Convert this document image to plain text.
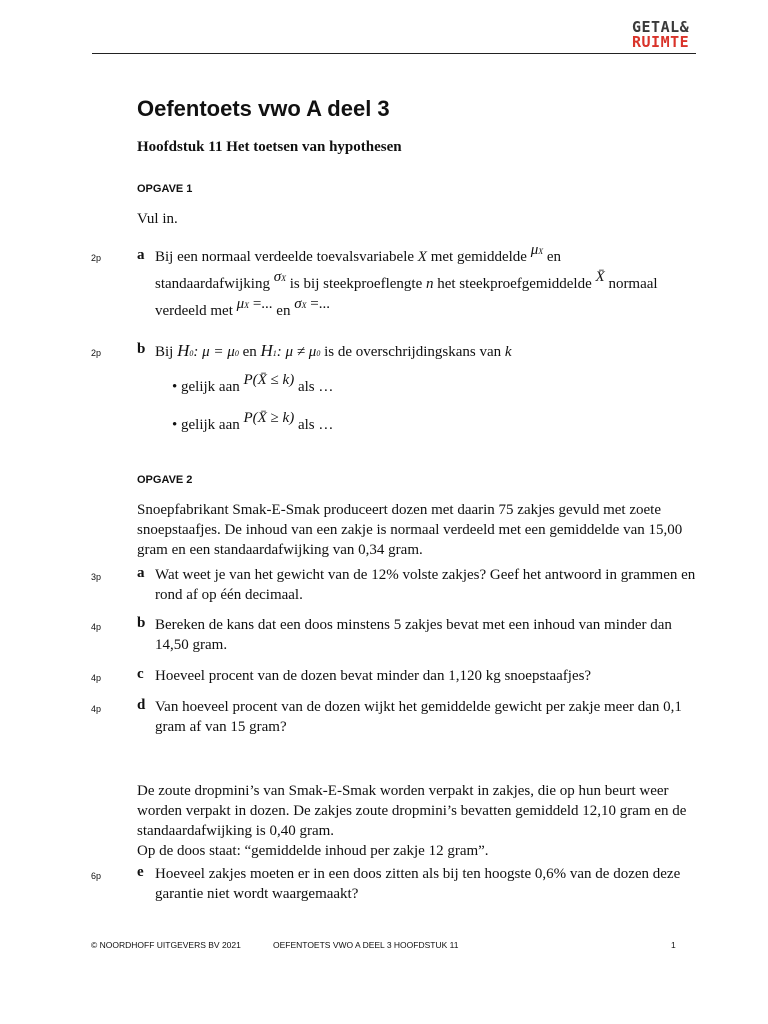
GETAL&
RUIMTE
Oefentoets vwo A deel 3
Hoofdstuk 11 Het toetsen van hypothesen
OPGAVE 1
Vul in.
2p a Bij een normaal verdeelde toevalsvariabele X met gemiddelde μX en
standaardafwijking σX is bij steekproeflengte n het steekproefgemiddelde X̄ normaal
verdeeld met μX =... en σX =...
2p b Bij H0: μ = μ0 en H1: μ ≠ μ0 is de overschrijdingskans van k
• gelijk aan P(X̄ ≤ k) als …
• gelijk aan P(X̄ ≥ k) als …
OPGAVE 2
Snoepfabrikant Smak-E-Smak produceert dozen met daarin 75 zakjes gevuld met zoete snoepstaafjes. De inhoud van een zakje is normaal verdeeld met een gemiddelde van 15,00 gram en een standaardafwijking van 0,34 gram.
3p a Wat weet je van het gewicht van de 12% volste zakjes? Geef het antwoord in grammen en rond af op één decimaal.
4p b Bereken de kans dat een doos minstens 5 zakjes bevat met een inhoud van minder dan 14,50 gram.
4p c Hoeveel procent van de dozen bevat minder dan 1,120 kg snoepstaafjes?
4p d Van hoeveel procent van de dozen wijkt het gemiddelde gewicht per zakje meer dan 0,1 gram af van 15 gram?
De zoute dropmini’s van Smak-E-Smak worden verpakt in zakjes, die op hun beurt weer worden verpakt in dozen. De zakjes zoute dropmini’s bevatten gemiddeld 12,10 gram en de standaardafwijking is 0,40 gram.
Op de doos staat: “gemiddelde inhoud per zakje 12 gram”.
6p e Hoeveel zakjes moeten er in een doos zitten als bij ten hoogste 0,6% van de dozen deze garantie niet wordt waargemaakt?
© NOORDHOFF UITGEVERS BV 2021	OEFENTOETS VWO A DEEL 3 HOOFDSTUK 11	1
